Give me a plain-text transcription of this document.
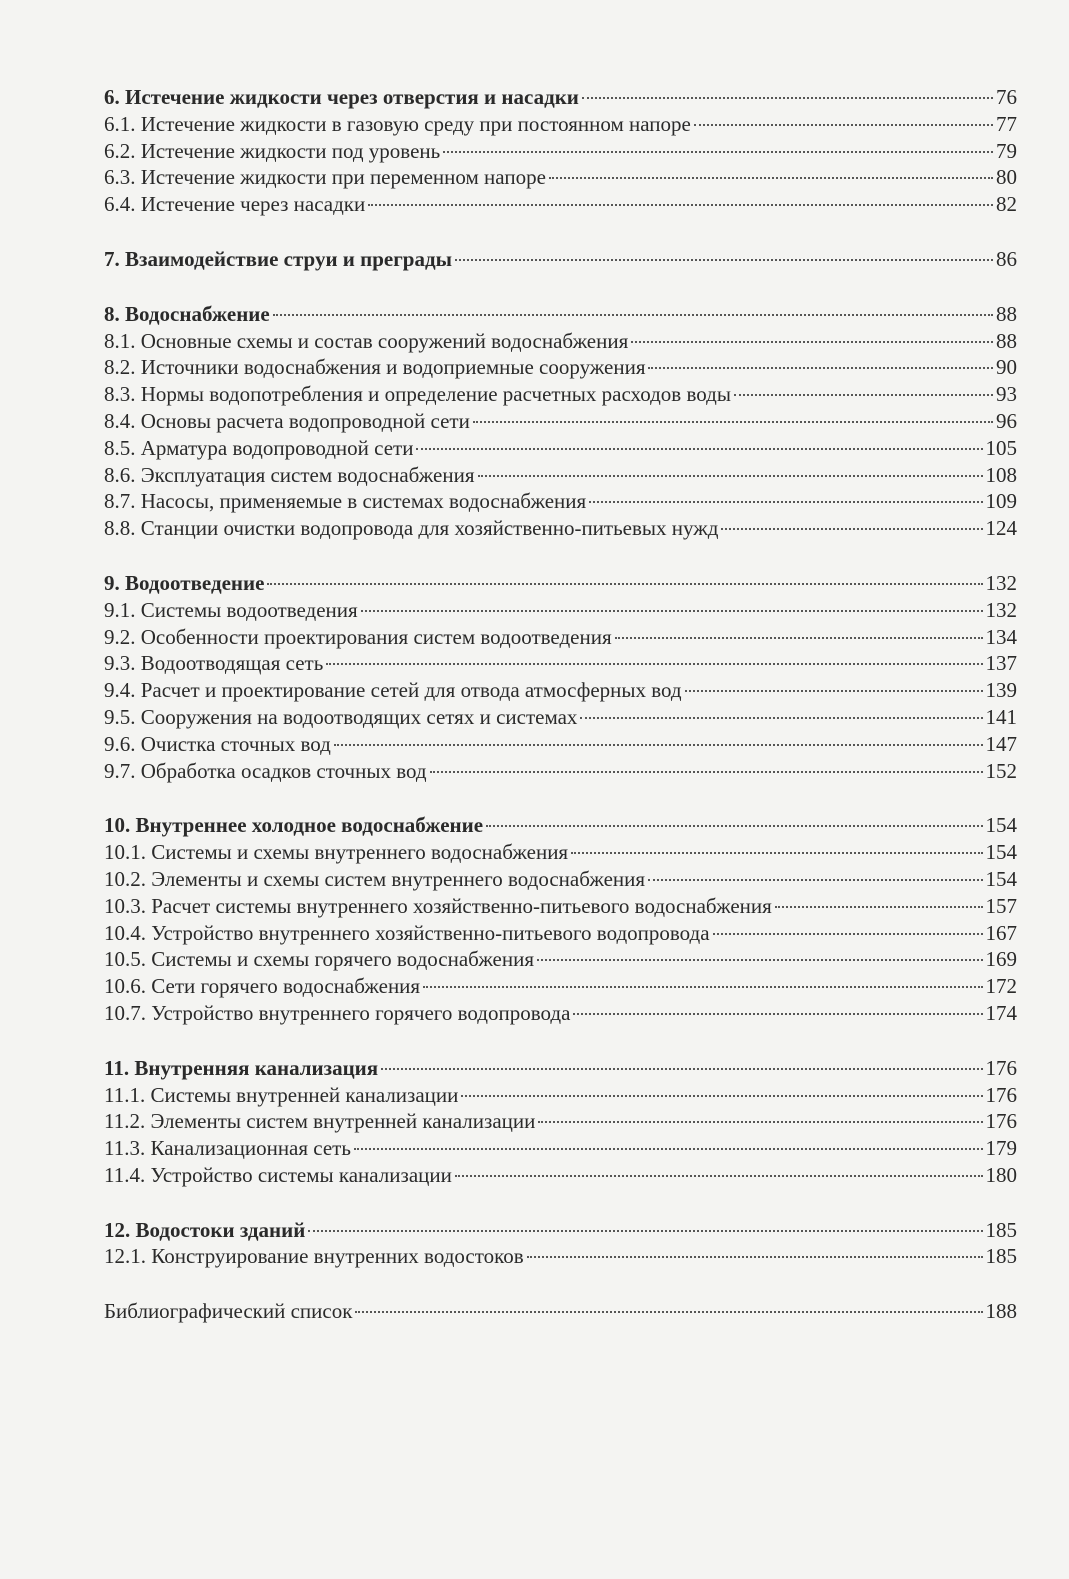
6. Истечение жидкости через отверстия и насадки	76
6.1. Истечение жидкости в газовую среду при постоянном напоре	77
6.2. Истечение жидкости под уровень	79
6.3. Истечение жидкости при переменном напоре	80
6.4. Истечение через насадки	82
7. Взаимодействие струи и преграды	86
8. Водоснабжение	88
8.1. Основные схемы и состав сооружений водоснабжения	88
8.2. Источники водоснабжения и водоприемные сооружения	90
8.3. Нормы водопотребления и определение расчетных расходов воды	93
8.4. Основы расчета водопроводной сети	96
8.5. Арматура водопроводной сети	105
8.6. Эксплуатация систем водоснабжения	108
8.7. Насосы, применяемые в системах водоснабжения	109
8.8. Станции очистки водопровода для хозяйственно-питьевых нужд	124
9. Водоотведение	132
9.1. Системы водоотведения	132
9.2. Особенности проектирования систем водоотведения	134
9.3. Водоотводящая сеть	137
9.4. Расчет и проектирование сетей для отвода атмосферных вод	139
9.5. Сооружения на водоотводящих сетях и системах	141
9.6. Очистка сточных вод	147
9.7. Обработка осадков сточных вод	152
10. Внутреннее холодное водоснабжение	154
10.1. Системы и схемы внутреннего водоснабжения	154
10.2. Элементы и схемы систем внутреннего водоснабжения	154
10.3. Расчет системы внутреннего хозяйственно-питьевого водоснабжения	157
10.4. Устройство внутреннего хозяйственно-питьевого водопровода	167
10.5. Системы и схемы горячего водоснабжения	169
10.6. Сети горячего водоснабжения	172
10.7. Устройство внутреннего горячего водопровода	174
11. Внутренняя канализация	176
11.1. Системы внутренней канализации	176
11.2. Элементы систем внутренней канализации	176
11.3. Канализационная сеть	179
11.4. Устройство системы канализации	180
12. Водостоки зданий	185
12.1. Конструирование внутренних водостоков	185
Библиографический список	188
